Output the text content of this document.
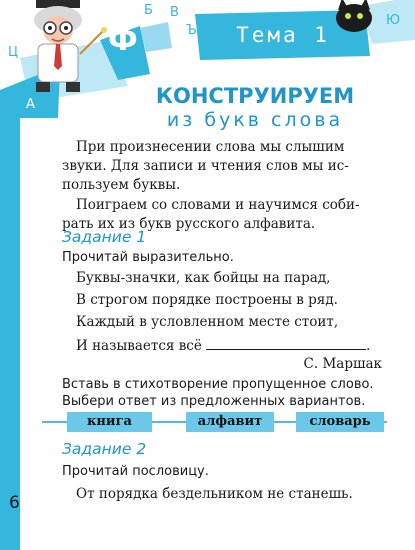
Б В
Ъ
Ф
Ц
А
Ю
Тема 1
КОНСТРУИРУЕМ
из букв слова
При произнесении слова мы слышим
звуки. Для записи и чтения слов мы ис-
пользуем буквы.
Поиграем со словами и научимся соби-
рать их из букв русского алфавита.
Задание 1
Прочитай выразительно.
Буквы-значки, как бойцы на парад,
В строгом порядке построены в ряд.
Каждый в условленном месте стоит,
И называется всё	.
С. Маршак
Вставь в стихотворение пропущенное слово.
Выбери ответ из предложенных вариантов.
книга	алфавит	словарь
Задание 2
Прочитай пословицу.
От порядка бездельником не станешь.
6
